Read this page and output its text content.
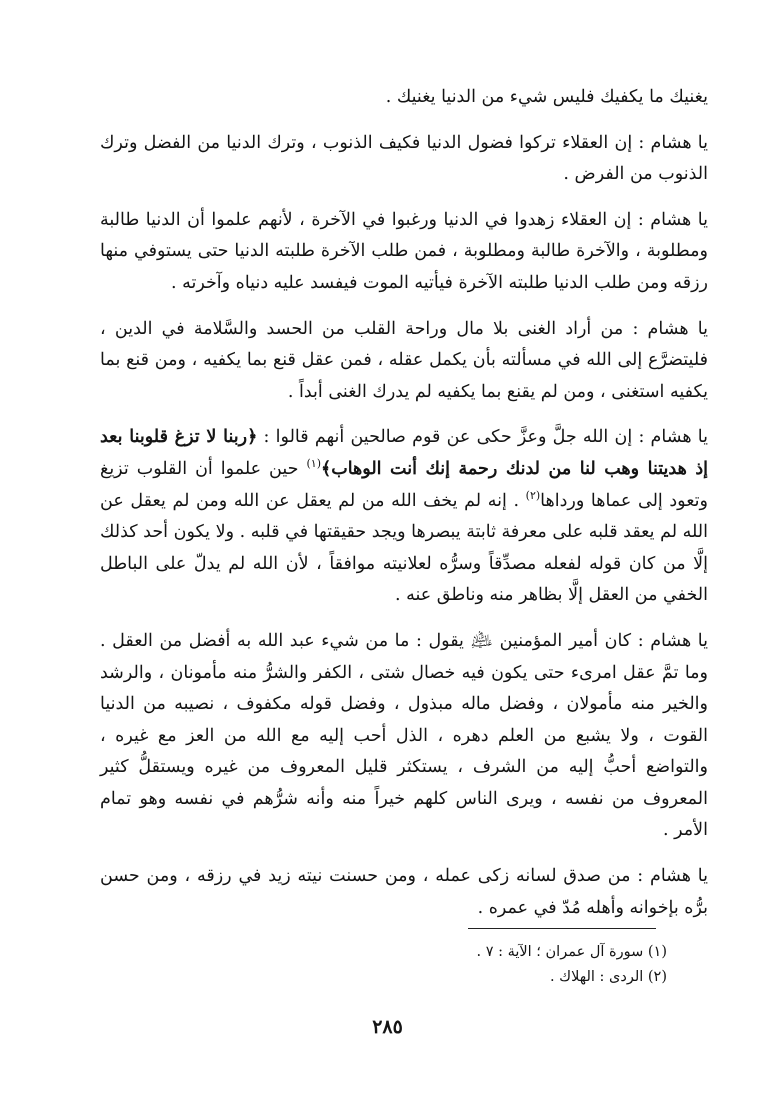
يغنيك ما يكفيك فليس شيء من الدنيا يغنيك .

يا هشام : إن العقلاء تركوا فضول الدنيا فكيف الذنوب ، وترك الدنيا من الفضل وترك الذنوب من الفرض .

يا هشام : إن العقلاء زهدوا في الدنيا ورغبوا في الآخرة ، لأنهم علموا أن الدنيا طالبة ومطلوبة ، والآخرة طالبة ومطلوبة ، فمن طلب الآخرة طلبته الدنيا حتى يستوفي منها رزقه ومن طلب الدنيا طلبته الآخرة فيأتيه الموت فيفسد عليه دنياه وآخرته .

يا هشام : من أراد الغنى بلا مال وراحة القلب من الحسد والسَّلامة في الدين ، فليتضرَّع إلى الله في مسألته بأن يكمل عقله ، فمن عقل قنع بما يكفيه ، ومن قنع بما يكفيه استغنى ، ومن لم يقنع بما يكفيه لم يدرك الغنى أبداً .

يا هشام : إن الله جلَّ وعزَّ حكى عن قوم صالحين أنهم قالوا : ﴿ربنا لا تزغ قلوبنا بعد إذ هديتنا وهب لنا من لدنك رحمة إنك أنت الوهاب﴾$^{(١)}$ حين علموا أن القلوب تزيغ وتعود إلى عماها ورداها$^{(٢)}$ . إنه لم يخف الله من لم يعقل عن الله ومن لم يعقل عن الله لم يعقد قلبه على معرفة ثابتة يبصرها ويجد حقيقتها في قلبه . ولا يكون أحد كذلك إلَّا من كان قوله لفعله مصدِّقاً وسرُّه لعلانيته موافقاً ، لأن الله لم يدلّ على الباطل الخفي من العقل إلَّا بظاهر منه وناطق عنه .

يا هشام : كان أمير المؤمنين ﵇ يقول : ما من شيء عبد الله به أفضل من العقل . وما تمَّ عقل امرىء حتى يكون فيه خصال شتى ، الكفر والشرُّ منه مأمونان ، والرشد والخير منه مأمولان ، وفضل ماله مبذول ، وفضل قوله مكفوف ، نصيبه من الدنيا القوت ، ولا يشبع من العلم دهره ، الذل أحب إليه مع الله من العز مع غيره ، والتواضع أحبُّ إليه من الشرف ، يستكثر قليل المعروف من غيره ويستقلُّ كثير المعروف من نفسه ، ويرى الناس كلهم خيراً منه وأنه شرُّهم في نفسه وهو تمام الأمر .

يا هشام : من صدق لسانه زكى عمله ، ومن حسنت نيته زيد في رزقه ، ومن حسن برُّه بإخوانه وأهله مُدّ في عمره .

(١) سورة آل عمران ؛ الآية : ٧ .
(٢) الردى : الهلاك .
٢٨٥
